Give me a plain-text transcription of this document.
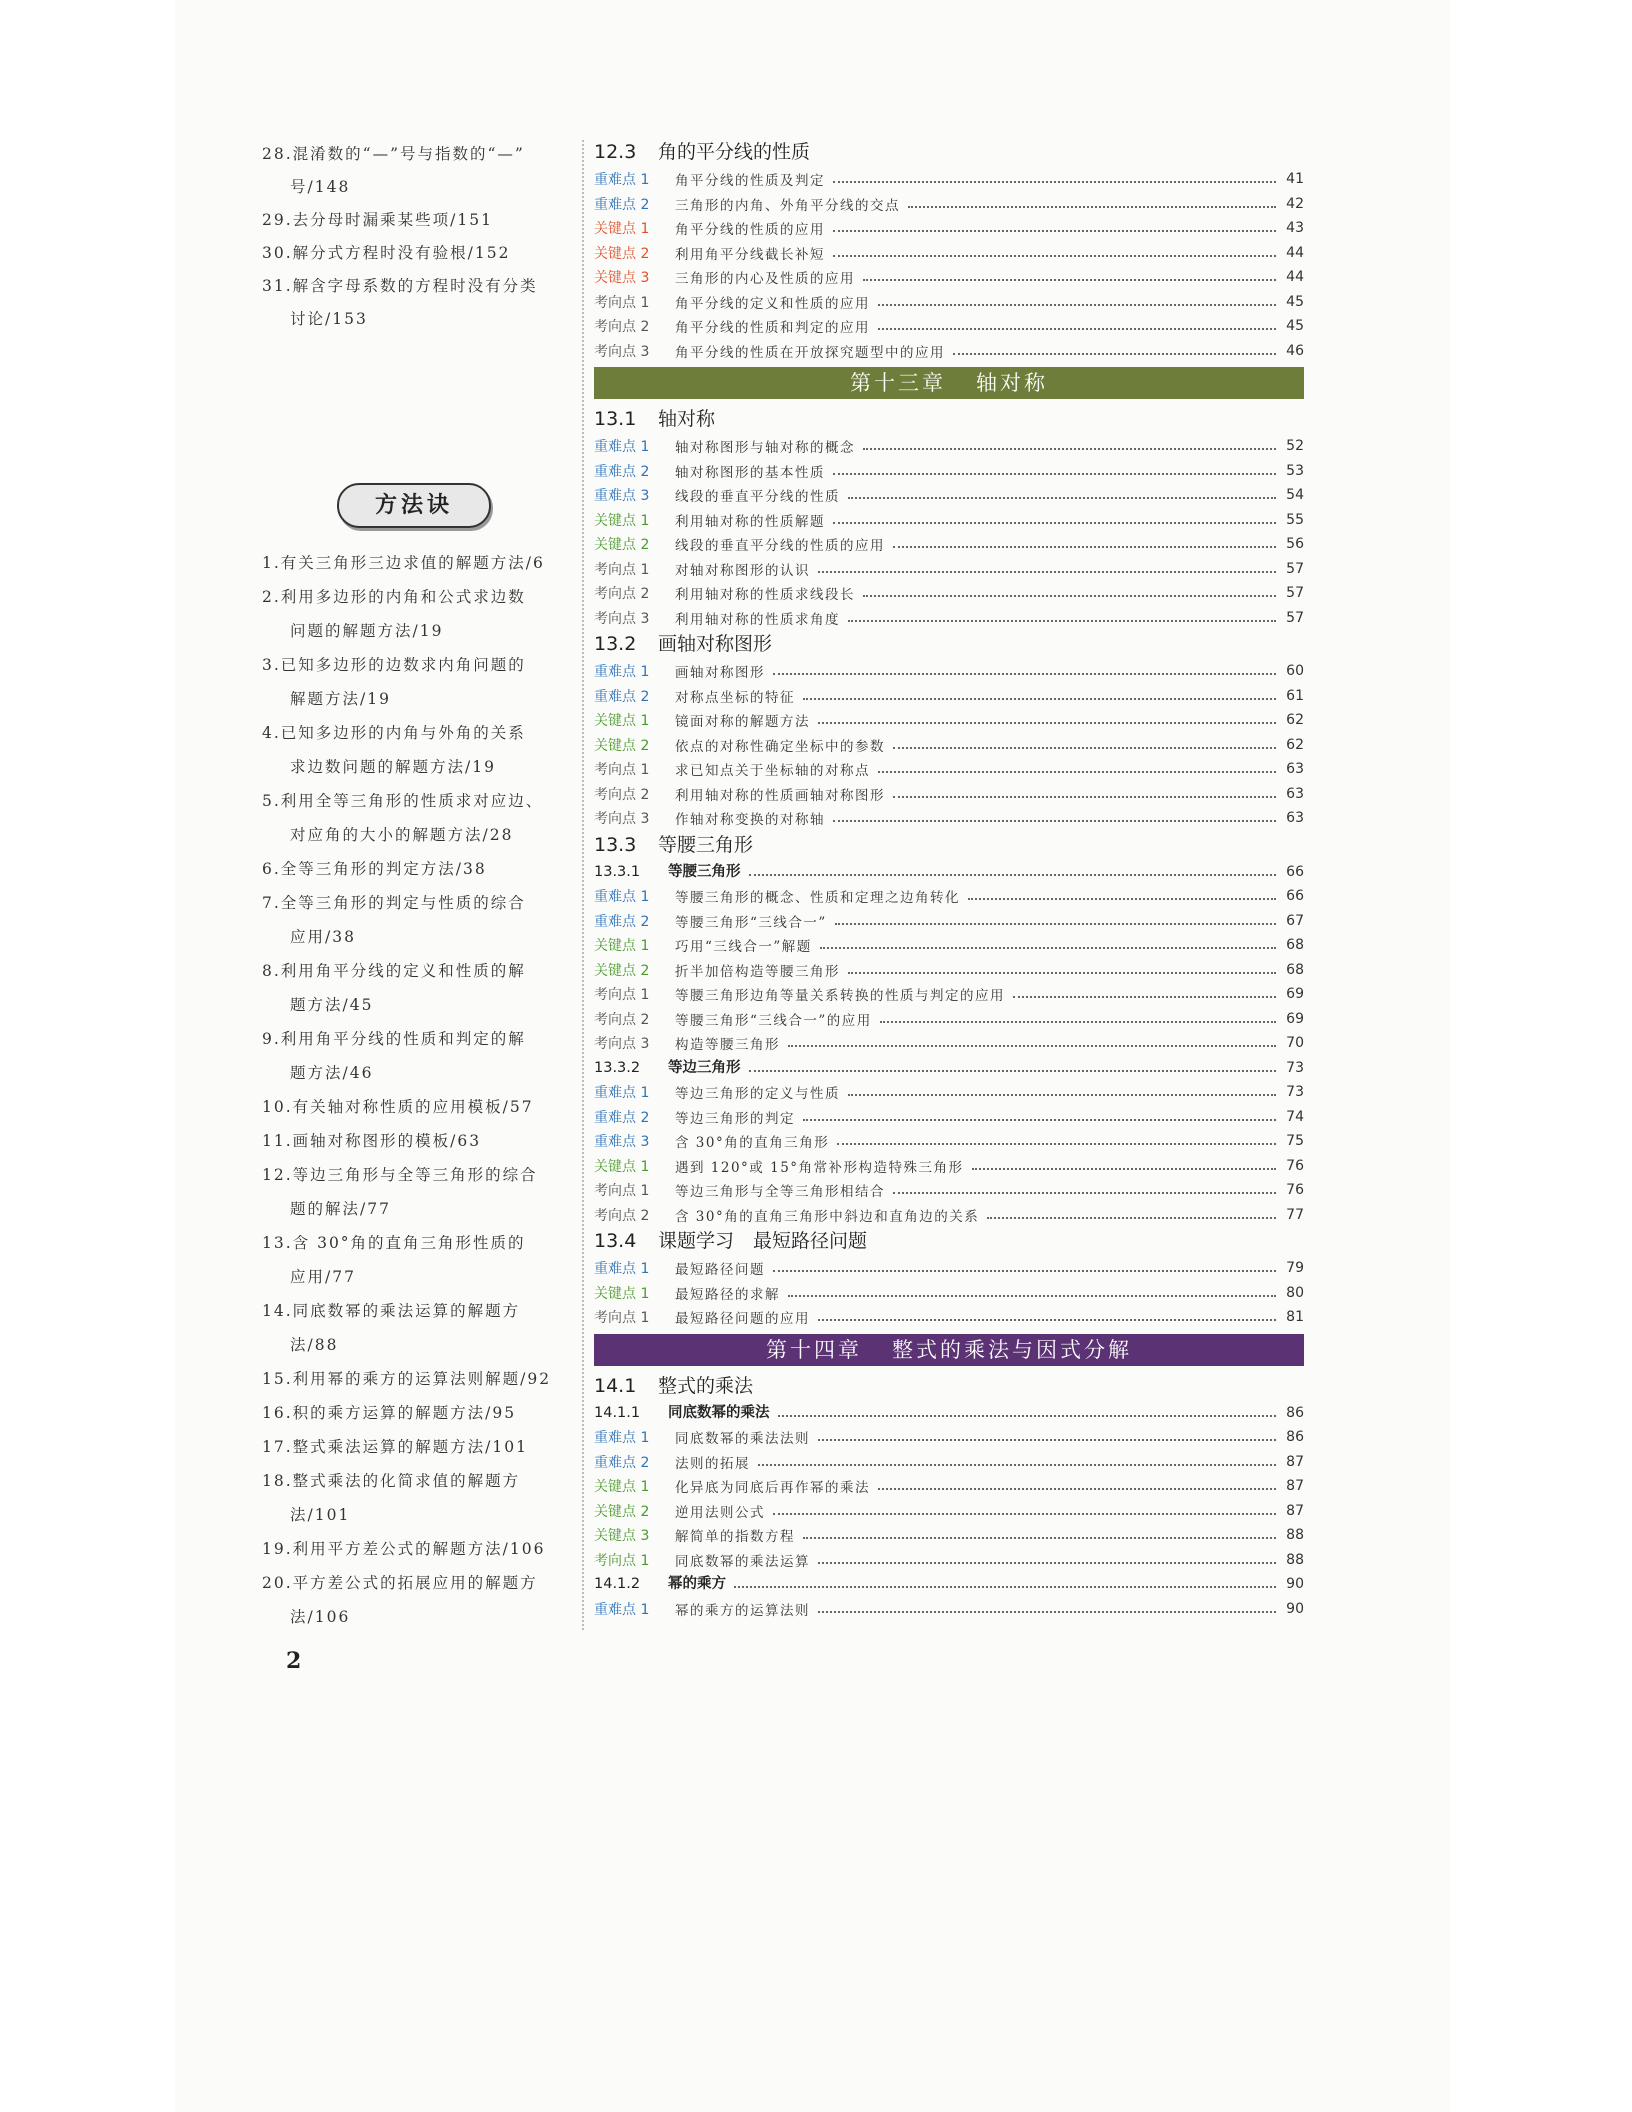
28.混淆数的“—”号与指数的“—”
号/148
29.去分母时漏乘某些项/151
30.解分式方程时没有验根/152
31.解含字母系数的方程时没有分类
讨论/153
方法诀
1.有关三角形三边求值的解题方法/6
2.利用多边形的内角和公式求边数
问题的解题方法/19
3.已知多边形的边数求内角问题的
解题方法/19
4.已知多边形的内角与外角的关系
求边数问题的解题方法/19
5.利用全等三角形的性质求对应边、
对应角的大小的解题方法/28
6.全等三角形的判定方法/38
7.全等三角形的判定与性质的综合
应用/38
8.利用角平分线的定义和性质的解
题方法/45
9.利用角平分线的性质和判定的解
题方法/46
10.有关轴对称性质的应用模板/57
11.画轴对称图形的模板/63
12.等边三角形与全等三角形的综合
题的解法/77
13.含 30°角的直角三角形性质的
应用/77
14.同底数幂的乘法运算的解题方
法/88
15.利用幂的乘方的运算法则解题/92
16.积的乘方运算的解题方法/95
17.整式乘法运算的解题方法/101
18.整式乘法的化简求值的解题方
法/101
19.利用平方差公式的解题方法/106
20.平方差公式的拓展应用的解题方
法/106
2
12.3 角的平分线的性质
重难点 1	角平分线的性质及判定	41
重难点 2	三角形的内角、外角平分线的交点	42
关键点 1	角平分线的性质的应用	43
关键点 2	利用角平分线截长补短	44
关键点 3	三角形的内心及性质的应用	44
考向点 1	角平分线的定义和性质的应用	45
考向点 2	角平分线的性质和判定的应用	45
考向点 3	角平分线的性质在开放探究题型中的应用	46
第十三章 轴对称
13.1 轴对称
重难点 1	轴对称图形与轴对称的概念	52
重难点 2	轴对称图形的基本性质	53
重难点 3	线段的垂直平分线的性质	54
关键点 1	利用轴对称的性质解题	55
关键点 2	线段的垂直平分线的性质的应用	56
考向点 1	对轴对称图形的认识	57
考向点 2	利用轴对称的性质求线段长	57
考向点 3	利用轴对称的性质求角度	57
13.2 画轴对称图形
重难点 1	画轴对称图形	60
重难点 2	对称点坐标的特征	61
关键点 1	镜面对称的解题方法	62
关键点 2	依点的对称性确定坐标中的参数	62
考向点 1	求已知点关于坐标轴的对称点	63
考向点 2	利用轴对称的性质画轴对称图形	63
考向点 3	作轴对称变换的对称轴	63
13.3 等腰三角形
13.3.1	等腰三角形	66
重难点 1	等腰三角形的概念、性质和定理之边角转化	66
重难点 2	等腰三角形“三线合一”	67
关键点 1	巧用“三线合一”解题	68
关键点 2	折半加倍构造等腰三角形	68
考向点 1	等腰三角形边角等量关系转换的性质与判定的应用	69
考向点 2	等腰三角形“三线合一”的应用	69
考向点 3	构造等腰三角形	70
13.3.2	等边三角形	73
重难点 1	等边三角形的定义与性质	73
重难点 2	等边三角形的判定	74
重难点 3	含 30°角的直角三角形	75
关键点 1	遇到 120°或 15°角常补形构造特殊三角形	76
考向点 1	等边三角形与全等三角形相结合	76
考向点 2	含 30°角的直角三角形中斜边和直角边的关系	77
13.4 课题学习　最短路径问题
重难点 1	最短路径问题	79
关键点 1	最短路径的求解	80
考向点 1	最短路径问题的应用	81
第十四章 整式的乘法与因式分解
14.1 整式的乘法
14.1.1	同底数幂的乘法	86
重难点 1	同底数幂的乘法法则	86
重难点 2	法则的拓展	87
关键点 1	化异底为同底后再作幂的乘法	87
关键点 2	逆用法则公式	87
关键点 3	解简单的指数方程	88
考向点 1	同底数幂的乘法运算	88
14.1.2	幂的乘方	90
重难点 1	幂的乘方的运算法则	90
